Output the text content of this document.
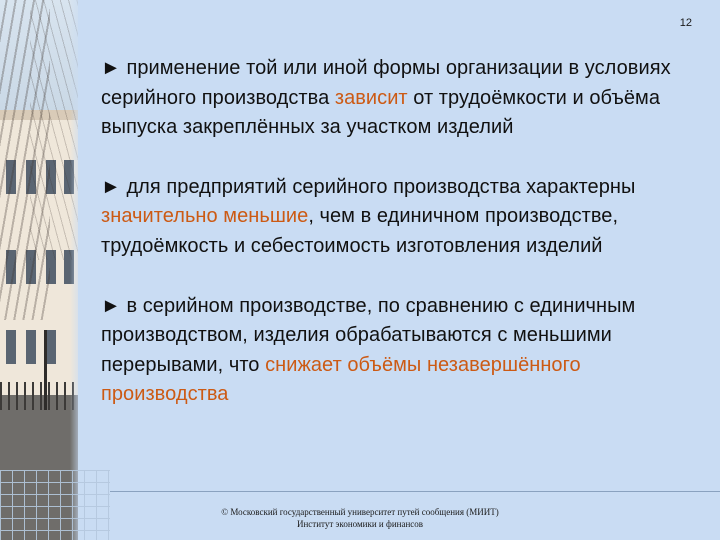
12

► применение той или иной формы организации в условиях серийного производства зависит от трудоёмкости и объёма выпуска закреплённых за участком изделий

► для предприятий серийного производства характерны значительно меньшие, чем в единичном производстве, трудоёмкость и себестоимость изготовления изделий

► в серийном производстве, по сравнению с единичным производством, изделия обрабатываются с меньшими перерывами, что снижает объёмы незавершённого производства

© Московский государственный университет путей сообщения (МИИТ)
Институт экономики и финансов
